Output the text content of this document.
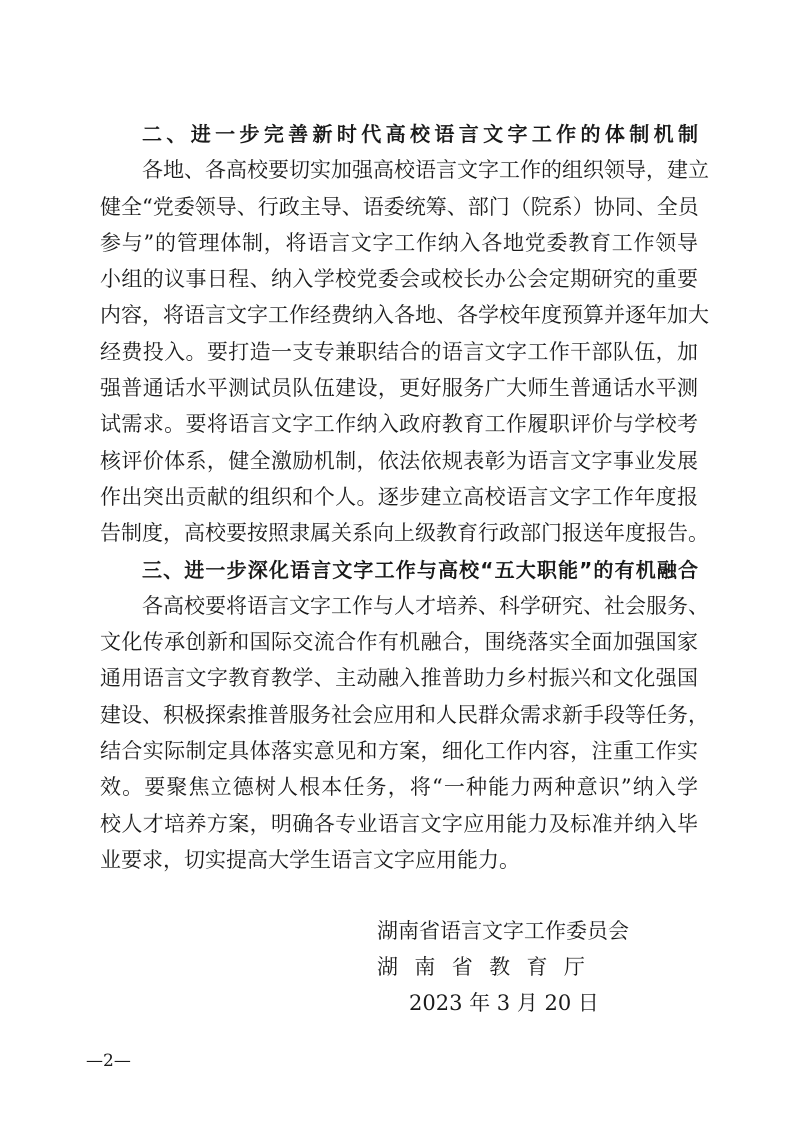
二、进一步完善新时代高校语言文字工作的体制机制
各地、各高校要切实加强高校语言文字工作的组织领导，建立
健全“党委领导、行政主导、语委统筹、部门（院系）协同、全员
参与”的管理体制，将语言文字工作纳入各地党委教育工作领导
小组的议事日程、纳入学校党委会或校长办公会定期研究的重要
内容，将语言文字工作经费纳入各地、各学校年度预算并逐年加大
经费投入。要打造一支专兼职结合的语言文字工作干部队伍，加
强普通话水平测试员队伍建设，更好服务广大师生普通话水平测
试需求。要将语言文字工作纳入政府教育工作履职评价与学校考
核评价体系，健全激励机制，依法依规表彰为语言文字事业发展
作出突出贡献的组织和个人。逐步建立高校语言文字工作年度报
告制度，高校要按照隶属关系向上级教育行政部门报送年度报告。
三、进一步深化语言文字工作与高校“五大职能”的有机融合
各高校要将语言文字工作与人才培养、科学研究、社会服务、
文化传承创新和国际交流合作有机融合，围绕落实全面加强国家
通用语言文字教育教学、主动融入推普助力乡村振兴和文化强国
建设、积极探索推普服务社会应用和人民群众需求新手段等任务，
结合实际制定具体落实意见和方案，细化工作内容，注重工作实
效。要聚焦立德树人根本任务，将“一种能力两种意识”纳入学
校人才培养方案，明确各专业语言文字应用能力及标准并纳入毕
业要求，切实提高大学生语言文字应用能力。
湖南省语言文字工作委员会
湖南省教育厅
2023 年 3 月 20 日
—2—
